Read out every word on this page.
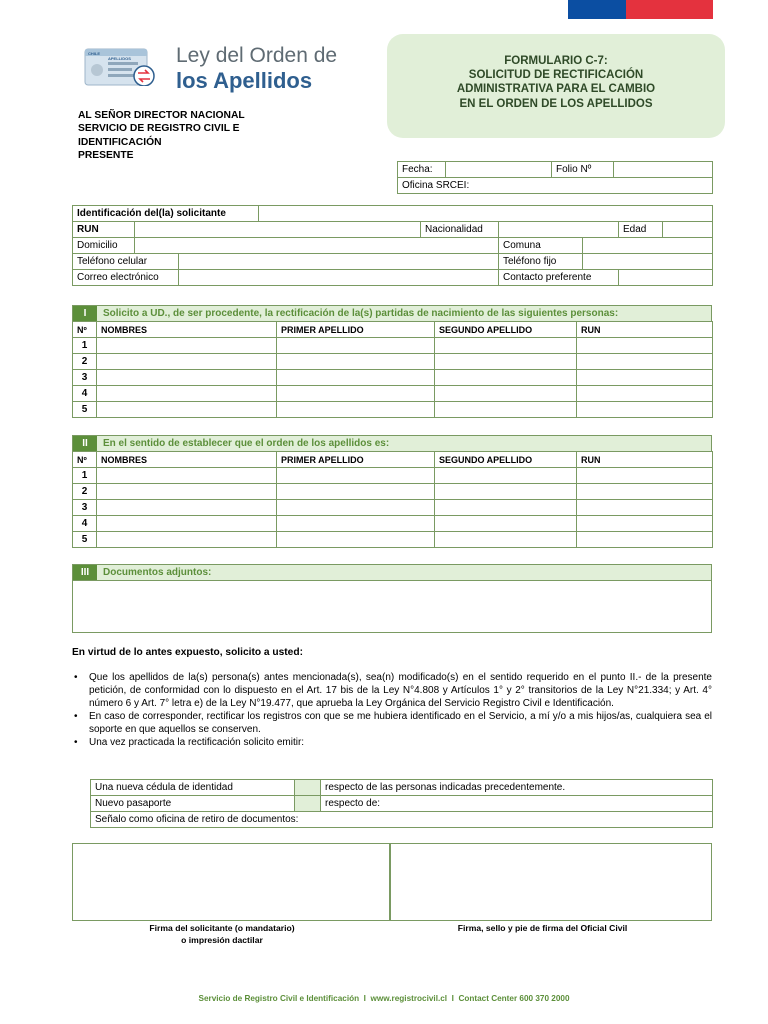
CHILE
APELLIDOS Ley del Orden de
los Apellidos
FORMULARIO C-7:
SOLICITUD DE RECTIFICACIÓN
ADMINISTRATIVA PARA EL CAMBIO
EN EL ORDEN DE LOS APELLIDOS
AL SEÑOR DIRECTOR NACIONAL
SERVICIO DE REGISTRO CIVIL E
IDENTIFICACIÓN
PRESENTE
Fecha:		Folio Nº	
Oficina SRCEI:
Identificación del(la) solicitante								
RUN				Nacionalidad			Edad	
Domicilio					Comuna			
Teléfono celular					Teléfono fijo			
Correo electrónico					Contacto preferente			
I	Solicito a UD., de ser procedente, la rectificación de la(s) partidas de nacimiento de las siguientes personas:
Nº	NOMBRES	PRIMER APELLIDO	SEGUNDO APELLIDO	RUN
1				
2				
3				
4				
5				
II	En el sentido de establecer que el orden de los apellidos es:
Nº	NOMBRES	PRIMER APELLIDO	SEGUNDO APELLIDO	RUN
1				
2				
3				
4				
5				
III	Documentos adjuntos:
En virtud de lo antes expuesto, solicito a usted:
• Que los apellidos de la(s) persona(s) antes mencionada(s), sea(n) modificado(s) en el sentido requerido en el punto II.- de la presente petición, de conformidad con lo dispuesto en el Art. 17 bis de la Ley N°4.808 y Artículos 1° y 2° transitorios de la Ley N°21.334; y Art. 4° número 6 y Art. 7° letra e) de la Ley N°19.477, que aprueba la Ley Orgánica del Servicio Registro Civil e Identificación.
• En caso de corresponder, rectificar los registros con que se me hubiera identificado en el Servicio, a mí y/o a mis hijos/as, cualquiera sea el soporte en que aquellos se conserven.
• Una vez practicada la rectificación solicito emitir:
Una nueva cédula de identidad		respecto de las personas indicadas precedentemente.
Nuevo pasaporte		respecto de:
Señalo como oficina de retiro de documentos:		
Firma del solicitante (o mandatario)
o impresión dactilar
Firma, sello y pie de firma del Oficial Civil
Servicio de Registro Civil e Identificación  I  www.registrocivil.cl  I  Contact Center 600 370 2000
